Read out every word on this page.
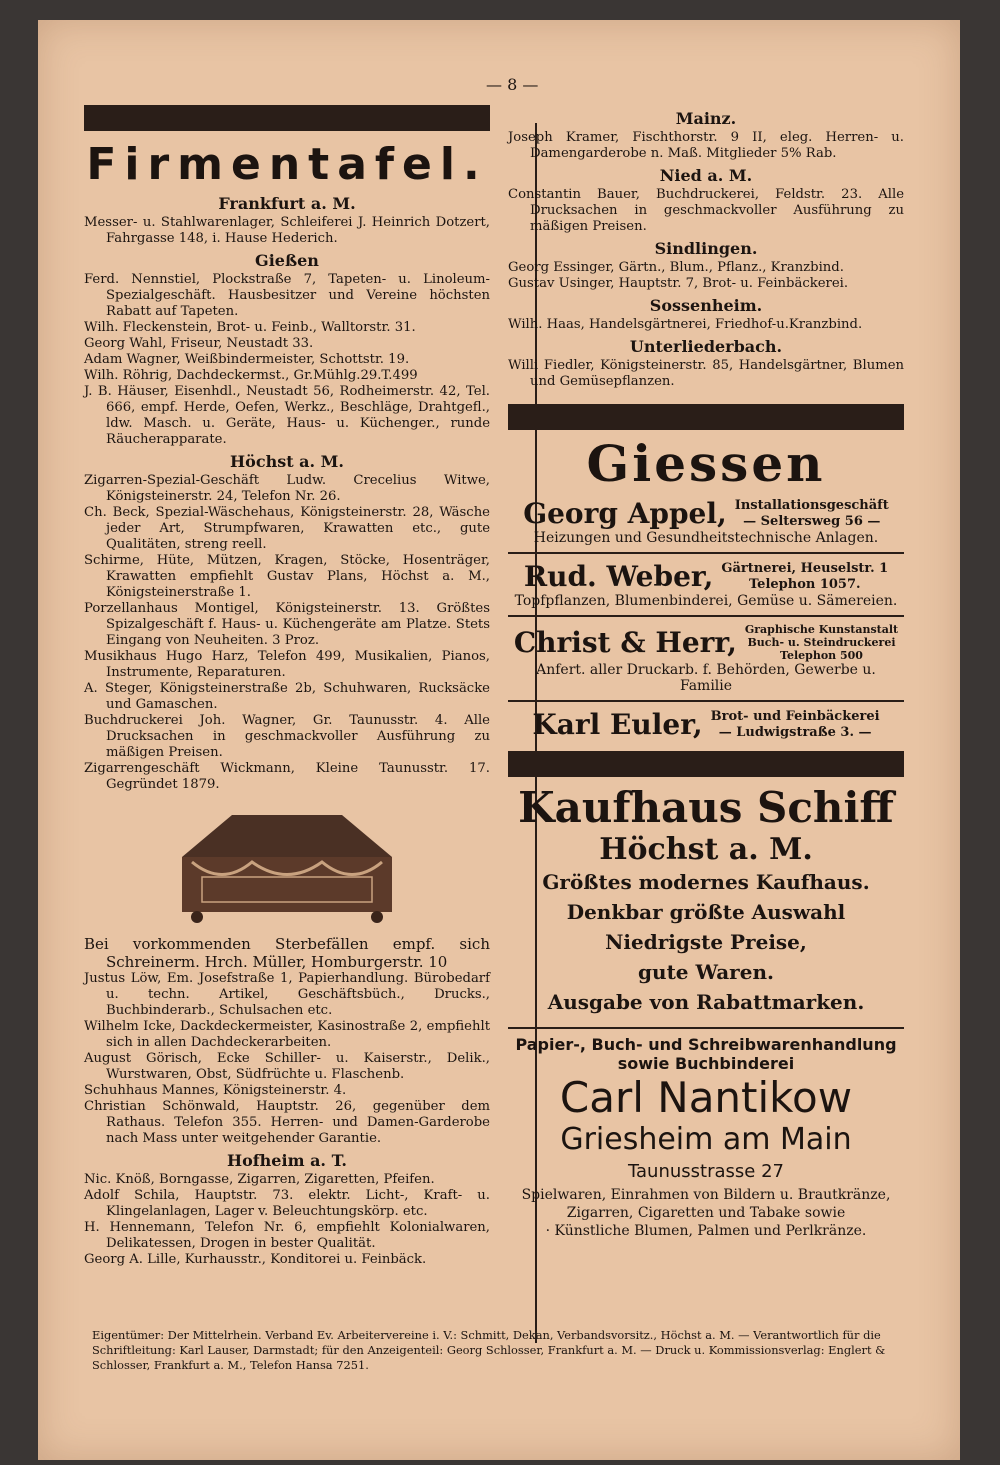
— 8 —
Firmentafel.
Frankfurt a. M.

Messer- u. Stahlwarenlager, Schleiferei J. Heinrich Dotzert, Fahrgasse 148, i. Hause Hederich.

Gießen

Ferd. Nennstiel, Plockstraße 7, Tapeten- u. Linoleum-Spezialgeschäft. Hausbesitzer und Vereine höchsten Rabatt auf Tapeten.

Wilh. Fleckenstein, Brot- u. Feinb., Walltorstr. 31.

Georg Wahl, Friseur, Neustadt 33.

Adam Wagner, Weißbindermeister, Schottstr. 19.

Wilh. Röhrig, Dachdeckermst., Gr.Mühlg.29.T.499

J. B. Häuser, Eisenhdl., Neustadt 56, Rodheimerstr. 42, Tel. 666, empf. Herde, Oefen, Werkz., Beschläge, Drahtgefl., ldw. Masch. u. Geräte, Haus- u. Küchenger., runde Räucherapparate.

Höchst a. M.

Zigarren-Spezial-Geschäft Ludw. Crecelius Witwe, Königsteinerstr. 24, Telefon Nr. 26.

Ch. Beck, Spezial-Wäschehaus, Königsteinerstr. 28, Wäsche jeder Art, Strumpfwaren, Krawatten etc., gute Qualitäten, streng reell.

Schirme, Hüte, Mützen, Kragen, Stöcke, Hosenträger, Krawatten empfiehlt Gustav Plans, Höchst a. M., Königsteinerstraße 1.

Porzellanhaus Montigel, Königsteinerstr. 13. Größtes Spizalgeschäft f. Haus- u. Küchengeräte am Platze. Stets Eingang von Neuheiten. 3 Proz.

Musikhaus Hugo Harz, Telefon 499, Musikalien, Pianos, Instrumente, Reparaturen.

A. Steger, Königsteinerstraße 2b, Schuhwaren, Rucksäcke und Gamaschen.

Buchdruckerei Joh. Wagner, Gr. Taunusstr. 4. Alle Drucksachen in geschmackvoller Ausführung zu mäßigen Preisen.

Zigarrengeschäft Wickmann, Kleine Taunusstr. 17. Gegründet 1879.

Bei vorkommenden Sterbefällen empf. sich Schreinerm. Hrch. Müller, Homburgerstr. 10

Justus Löw, Em. Josefstraße 1, Papierhandlung. Bürobedarf u. techn. Artikel, Geschäftsbüch., Drucks., Buchbinderarb., Schulsachen etc.

Wilhelm Icke, Dackdeckermeister, Kasinostraße 2, empfiehlt sich in allen Dachdeckerarbeiten.

August Görisch, Ecke Schiller- u. Kaiserstr., Delik., Wurstwaren, Obst, Südfrüchte u. Flaschenb.

Schuhhaus Mannes, Königsteinerstr. 4.

Christian Schönwald, Hauptstr. 26, gegenüber dem Rathaus. Telefon 355. Herren- und Damen-Garderobe nach Mass unter weitgehender Garantie.

Hofheim a. T.

Nic. Knöß, Borngasse, Zigarren, Zigaretten, Pfeifen.

Adolf Schila, Hauptstr. 73. elektr. Licht-, Kraft- u. Klingelanlagen, Lager v. Beleuchtungskörp. etc.

H. Hennemann, Telefon Nr. 6, empfiehlt Kolonialwaren, Delikatessen, Drogen in bester Qualität.

Georg A. Lille, Kurhausstr., Konditorei u. Feinbäck.

Mainz.

Joseph Kramer, Fischthorstr. 9 II, eleg. Herren- u. Damengarderobe n. Maß. Mitglieder 5% Rab.

Nied a. M.

Constantin Bauer, Buchdruckerei, Feldstr. 23. Alle Drucksachen in geschmackvoller Ausführung zu mäßigen Preisen.

Sindlingen.

Georg Essinger, Gärtn., Blum., Pflanz., Kranzbind.

Gustav Usinger, Hauptstr. 7, Brot- u. Feinbäckerei.

Sossenheim.

Wilh. Haas, Handelsgärtnerei, Friedhof-u.Kranzbind.

Unterliederbach.

Willi Fiedler, Königsteinerstr. 85, Handelsgärtner, Blumen und Gemüsepflanzen.

Giessen
Georg Appel, Installationsgeschäft
— Seltersweg 56 —
Heizungen und Gesundheitstechnische Anlagen.
Rud. Weber, Gärtnerei, Heuselstr. 1
Telephon 1057.
Topfpflanzen, Blumenbinderei, Gemüse u. Sämereien.
Christ & Herr, Graphische Kunstanstalt
Buch- u. Steindruckerei
Telephon 500
Anfert. aller Druckarb. f. Behörden, Gewerbe u. Familie
Karl Euler, Brot- und Feinbäckerei
— Ludwigstraße 3. —
Kaufhaus Schiff
Höchst a. M.
Größtes modernes Kaufhaus.
Denkbar größte Auswahl
Niedrigste Preise,
gute Waren.
Ausgabe von Rabattmarken.
Papier-, Buch- und Schreibwarenhandlung
sowie Buchbinderei
Carl Nantikow
Griesheim am Main
Taunusstrasse 27
Spielwaren, Einrahmen von Bildern u. Brautkränze,
Zigarren, Cigaretten und Tabake sowie
· Künstliche Blumen, Palmen und Perlkränze.
Eigentümer: Der Mittelrhein. Verband Ev. Arbeitervereine i. V.: Schmitt, Dekan, Verbandsvorsitz., Höchst a. M. — Verantwortlich für die Schriftleitung: Karl Lauser, Darmstadt; für den Anzeigenteil: Georg Schlosser, Frankfurt a. M. — Druck u. Kommissionsverlag: Englert & Schlosser, Frankfurt a. M., Telefon Hansa 7251.
